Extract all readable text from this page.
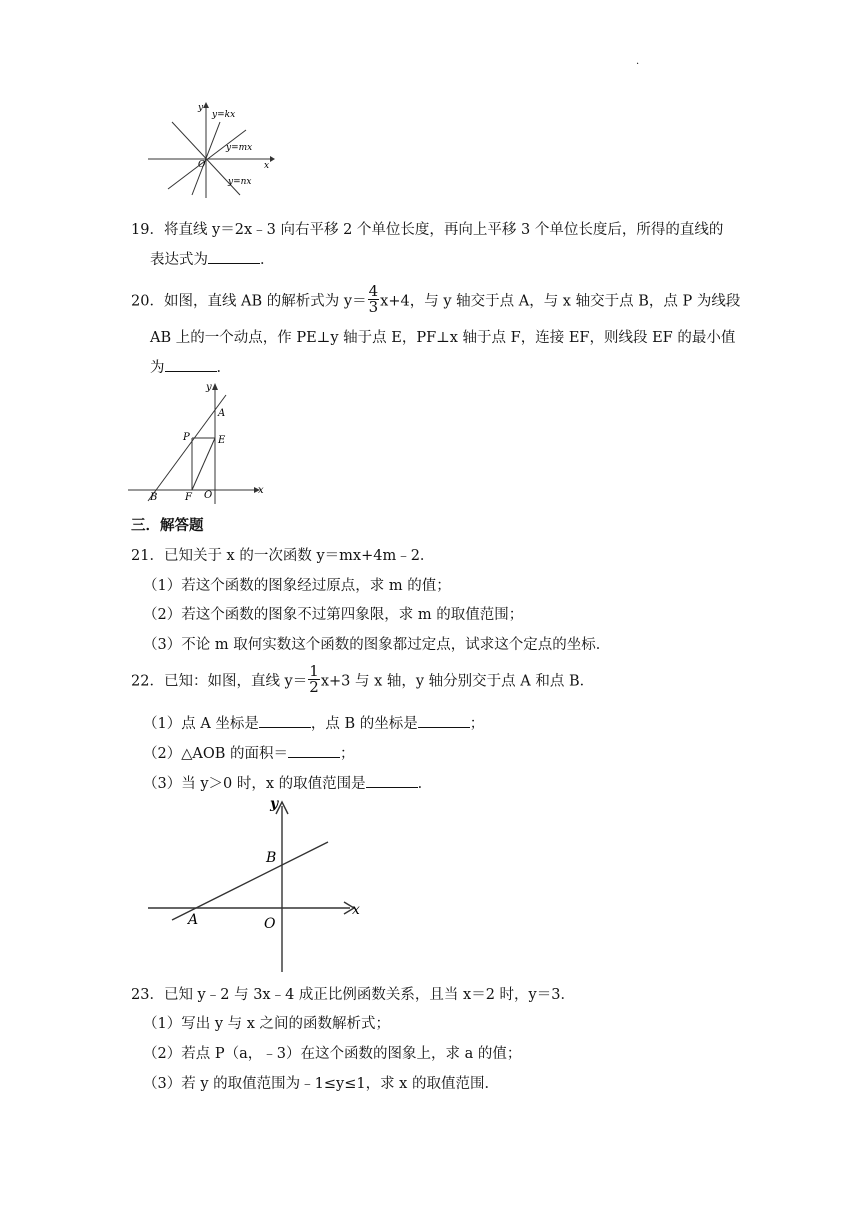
.
y
x
O
y=kx
y=mx
y=nx
19．将直线 y＝2x﹣3 向右平移 2 个单位长度，再向上平移 3 个单位长度后，所得的直线的
表达式为	．
20．如图，直线 AB 的解析式为 $y= \frac{4}{3} x+4$，与 y 轴交于点 A，与 x 轴交于点 B，点 P 为线段
AB 上的一个动点，作 PE⊥y 轴于点 E，PF⊥x 轴于点 F，连接 EF，则线段 EF 的最小值
为	．
y
x
A
P	E
B	F O
三．解答题
21．已知关于 x 的一次函数 y＝mx+4m﹣2．
（1）若这个函数的图象经过原点，求 m 的值；
（2）若这个函数的图象不过第四象限，求 m 的取值范围；
（3）不论 m 取何实数这个函数的图象都过定点，试求这个定点的坐标．
22．已知：如图，直线 $y= \frac{1}{2} x+3$ 与 x 轴，y 轴分别交于点 A 和点 B．
（1）点 A 坐标是	，点 B 的坐标是	；
（2）△AOB 的面积＝	；
（3）当 y＞0 时，x 的取值范围是	．
y
x
B
A	O
23．已知 y﹣2 与 3x﹣4 成正比例函数关系，且当 x＝2 时，y＝3．
（1）写出 y 与 x 之间的函数解析式；
（2）若点 P（a，﹣3）在这个函数的图象上，求 a 的值；
（3）若 y 的取值范围为﹣1≤y≤1，求 x 的取值范围．
